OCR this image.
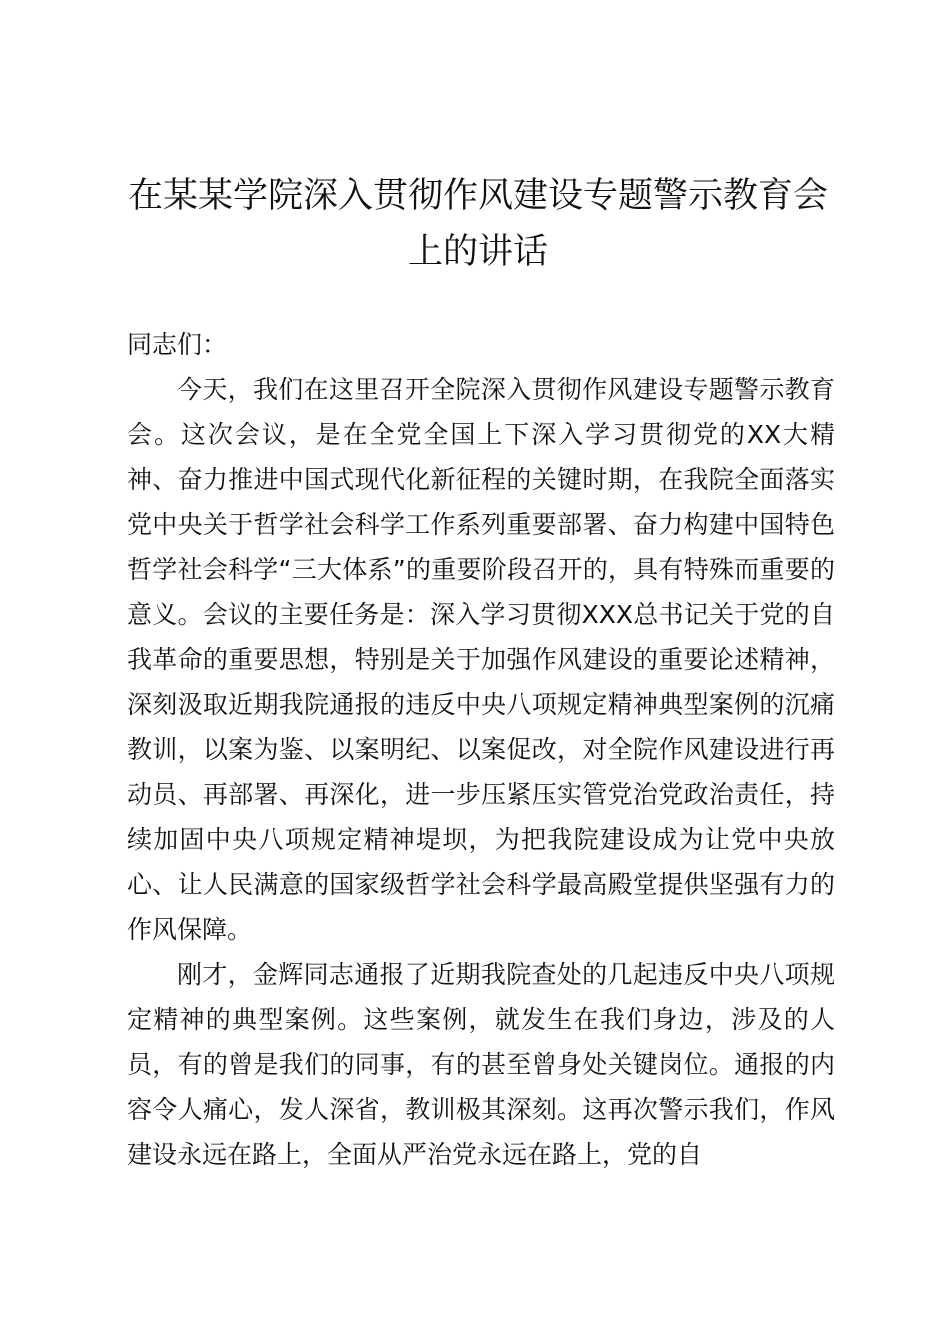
在某某学院深入贯彻作风建设专题警示教育会上的讲话

同志们：

今天，我们在这里召开全院深入贯彻作风建设专题警示教育会。这次会议，是在全党全国上下深入学习贯彻党的XX大精神、奋力推进中国式现代化新征程的关键时期，在我院全面落实党中央关于哲学社会科学工作系列重要部署、奋力构建中国特色哲学社会科学“三大体系”的重要阶段召开的，具有特殊而重要的意义。会议的主要任务是：深入学习贯彻XXX总书记关于党的自我革命的重要思想，特别是关于加强作风建设的重要论述精神，深刻汲取近期我院通报的违反中央八项规定精神典型案例的沉痛教训，以案为鉴、以案明纪、以案促改，对全院作风建设进行再动员、再部署、再深化，进一步压紧压实管党治党政治责任，持续加固中央八项规定精神堤坝，为把我院建设成为让党中央放心、让人民满意的国家级哲学社会科学最高殿堂提供坚强有力的作风保障。

刚才，金辉同志通报了近期我院查处的几起违反中央八项规定精神的典型案例。这些案例，就发生在我们身边，涉及的人员，有的曾是我们的同事，有的甚至曾身处关键岗位。通报的内容令人痛心，发人深省，教训极其深刻。这再次警示我们，作风建设永远在路上，全面从严治党永远在路上，党的自
